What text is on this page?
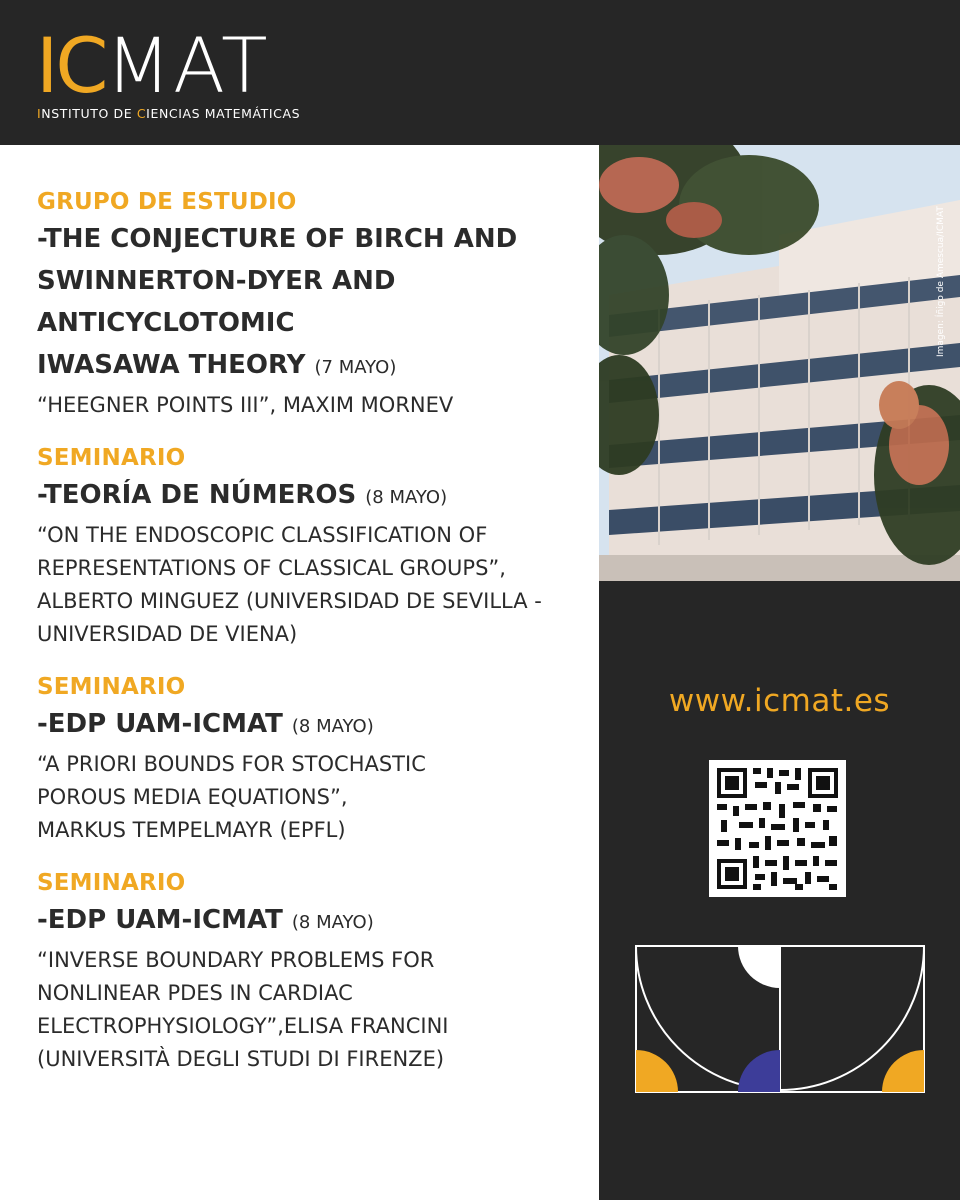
ICMAT
INSTITUTO DE CIENCIAS MATEMÁTICAS
GRUPO DE ESTUDIO
-THE CONJECTURE OF BIRCH AND
SWINNERTON-DYER AND
ANTICYCLOTOMIC
IWASAWA THEORY (7 MAYO)
“HEEGNER POINTS III”, MAXIM MORNEV
SEMINARIO
-TEORÍA DE NÚMEROS (8 MAYO)
“ON THE ENDOSCOPIC CLASSIFICATION OF
REPRESENTATIONS OF CLASSICAL GROUPS”,
ALBERTO MINGUEZ (UNIVERSIDAD DE SEVILLA -
UNIVERSIDAD DE VIENA)
SEMINARIO
-EDP UAM-ICMAT (8 MAYO)
“A PRIORI BOUNDS FOR STOCHASTIC
POROUS MEDIA EQUATIONS”,
MARKUS TEMPELMAYR (EPFL)
SEMINARIO
-EDP UAM-ICMAT (8 MAYO)
“INVERSE BOUNDARY PROBLEMS FOR
NONLINEAR PDES IN CARDIAC
ELECTROPHYSIOLOGY”,ELISA FRANCINI
(UNIVERSITÀ DEGLI STUDI DI FIRENZE)
Imagen: Íñigo de Amescua/ICMAT
www.icmat.es
